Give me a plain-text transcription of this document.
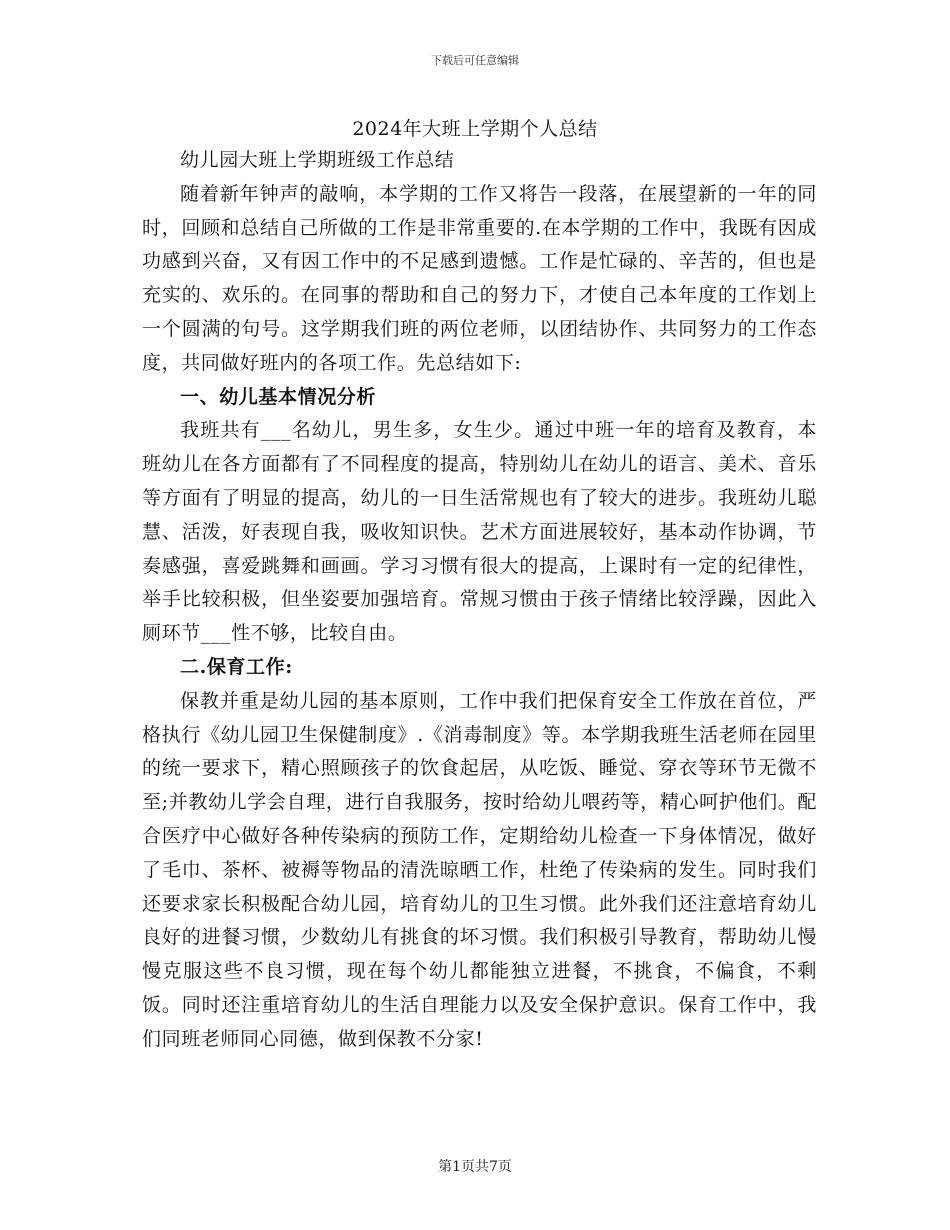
下载后可任意编辑
2024年大班上学期个人总结

幼儿园大班上学期班级工作总结

随着新年钟声的敲响，本学期的工作又将告一段落，在展望新的一年的同时，回顾和总结自己所做的工作是非常重要的.在本学期的工作中，我既有因成功感到兴奋，又有因工作中的不足感到遗憾。工作是忙碌的、辛苦的，但也是充实的、欢乐的。在同事的帮助和自己的努力下，才使自己本年度的工作划上一个圆满的句号。这学期我们班的两位老师，以团结协作、共同努力的工作态度，共同做好班内的各项工作。先总结如下:

一、幼儿基本情况分析

我班共有___名幼儿，男生多，女生少。通过中班一年的培育及教育，本班幼儿在各方面都有了不同程度的提高，特别幼儿在幼儿的语言、美术、音乐等方面有了明显的提高，幼儿的一日生活常规也有了较大的进步。我班幼儿聪慧、活泼，好表现自我，吸收知识快。艺术方面进展较好，基本动作协调，节奏感强，喜爱跳舞和画画。学习习惯有很大的提高，上课时有一定的纪律性，举手比较积极，但坐姿要加强培育。常规习惯由于孩子情绪比较浮躁，因此入厕环节___性不够，比较自由。

二.保育工作:

保教并重是幼儿园的基本原则，工作中我们把保育安全工作放在首位，严格执行《幼儿园卫生保健制度》.《消毒制度》等。本学期我班生活老师在园里的统一要求下，精心照顾孩子的饮食起居，从吃饭、睡觉、穿衣等环节无微不至;并教幼儿学会自理，进行自我服务，按时给幼儿喂药等，精心呵护他们。配合医疗中心做好各种传染病的预防工作，定期给幼儿检查一下身体情况，做好了毛巾、茶杯、被褥等物品的清洗晾晒工作，杜绝了传染病的发生。同时我们还要求家长积极配合幼儿园，培育幼儿的卫生习惯。此外我们还注意培育幼儿良好的进餐习惯，少数幼儿有挑食的坏习惯。我们积极引导教育，帮助幼儿慢慢克服这些不良习惯，现在每个幼儿都能独立进餐，不挑食，不偏食，不剩饭。同时还注重培育幼儿的生活自理能力以及安全保护意识。保育工作中，我们同班老师同心同德，做到保教不分家!

第1页共7页
